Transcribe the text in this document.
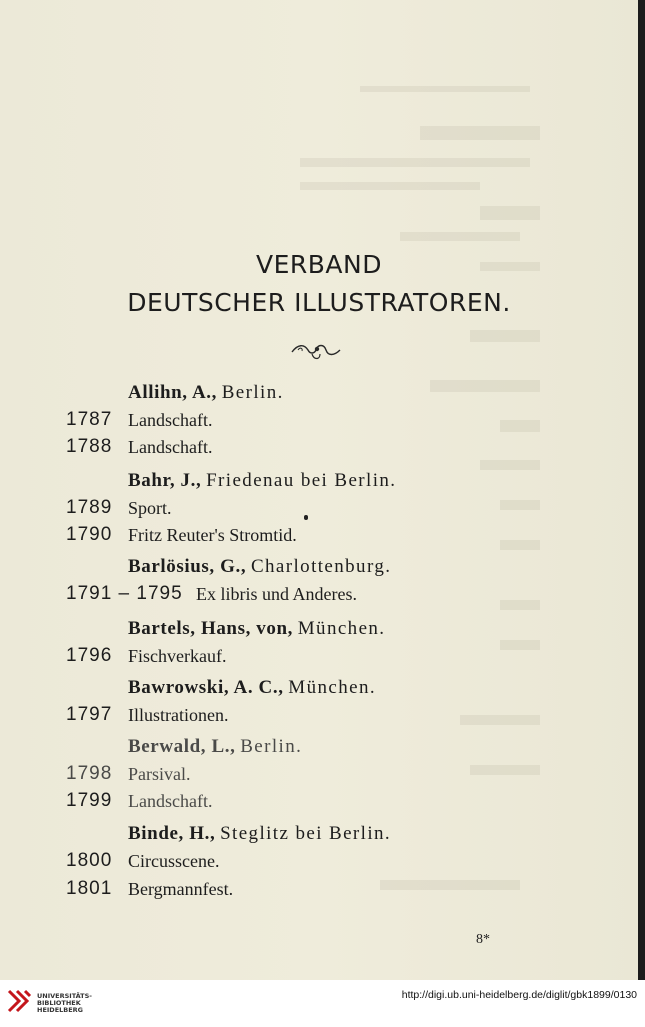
VERBAND
DEUTSCHER ILLUSTRATOREN.
Allihn, A., Berlin.
1787 Landschaft.
1788 Landschaft.
Bahr, J., Friedenau bei Berlin.
1789 Sport.
1790 Fritz Reuter's Stromtid.
Barlösius, G., Charlottenburg.
1791 – 1795 Ex libris und Anderes.
Bartels, Hans, von, München.
1796 Fischverkauf.
Bawrowski, A. C., München.
1797 Illustrationen.
Berwald, L., Berlin.
1798 Parsival.
1799 Landschaft.
Binde, H., Steglitz bei Berlin.
1800 Circusscene.
1801 Bergmannfest.
8*
UNIVERSITÄTS-
BIBLIOTHEK
HEIDELBERG
http://digi.ub.uni-heidelberg.de/diglit/gbk1899/0130
